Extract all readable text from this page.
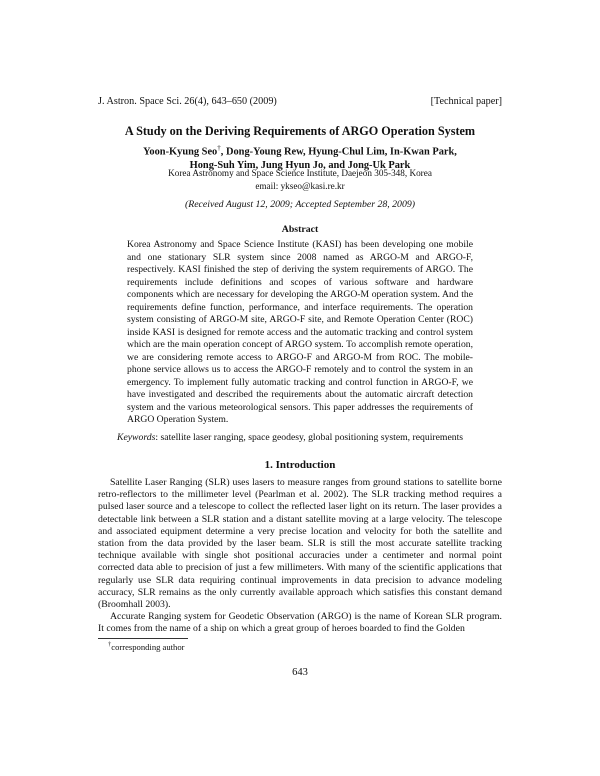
J. Astron. Space Sci. 26(4), 643–650 (2009)	[Technical paper]
A Study on the Deriving Requirements of ARGO Operation System
Yoon-Kyung Seo†, Dong-Young Rew, Hyung-Chul Lim, In-Kwan Park,
Hong-Suh Yim, Jung Hyun Jo, and Jong-Uk Park
Korea Astronomy and Space Science Institute, Daejeon 305-348, Korea
email: ykseo@kasi.re.kr
(Received August 12, 2009; Accepted September 28, 2009)
Abstract

Korea Astronomy and Space Science Institute (KASI) has been developing one mobile and one stationary SLR system since 2008 named as ARGO-M and ARGO-F, respectively. KASI finished the step of deriving the system requirements of ARGO. The requirements include definitions and scopes of various software and hardware components which are necessary for developing the ARGO-M operation system. And the requirements define function, performance, and interface requirements. The operation system consisting of ARGO-M site, ARGO-F site, and Remote Operation Center (ROC) inside KASI is designed for remote access and the automatic tracking and control system which are the main operation concept of ARGO system. To accomplish remote operation, we are considering remote access to ARGO-F and ARGO-M from ROC. The mobile-phone service allows us to access the ARGO-F remotely and to control the system in an emergency. To implement fully automatic tracking and control function in ARGO-F, we have investigated and described the requirements about the automatic aircraft detection system and the various meteorological sensors. This paper addresses the requirements of ARGO Operation System.

Keywords: satellite laser ranging, space geodesy, global positioning system, requirements
1. Introduction

Satellite Laser Ranging (SLR) uses lasers to measure ranges from ground stations to satellite borne retro-reflectors to the millimeter level (Pearlman et al. 2002). The SLR tracking method requires a pulsed laser source and a telescope to collect the reflected laser light on its return. The laser provides a detectable link between a SLR station and a distant satellite moving at a large velocity. The telescope and associated equipment determine a very precise location and velocity for both the satellite and station from the data provided by the laser beam. SLR is still the most accurate satellite tracking technique available with single shot positional accuracies under a centimeter and normal point corrected data able to precision of just a few millimeters. With many of the scientific applications that regularly use SLR data requiring continual improvements in data precision to advance modeling accuracy, SLR remains as the only currently available approach which satisfies this constant demand (Broomhall 2003).

Accurate Ranging system for Geodetic Observation (ARGO) is the name of Korean SLR program. It comes from the name of a ship on which a great group of heroes boarded to find the Golden

†corresponding author
643
